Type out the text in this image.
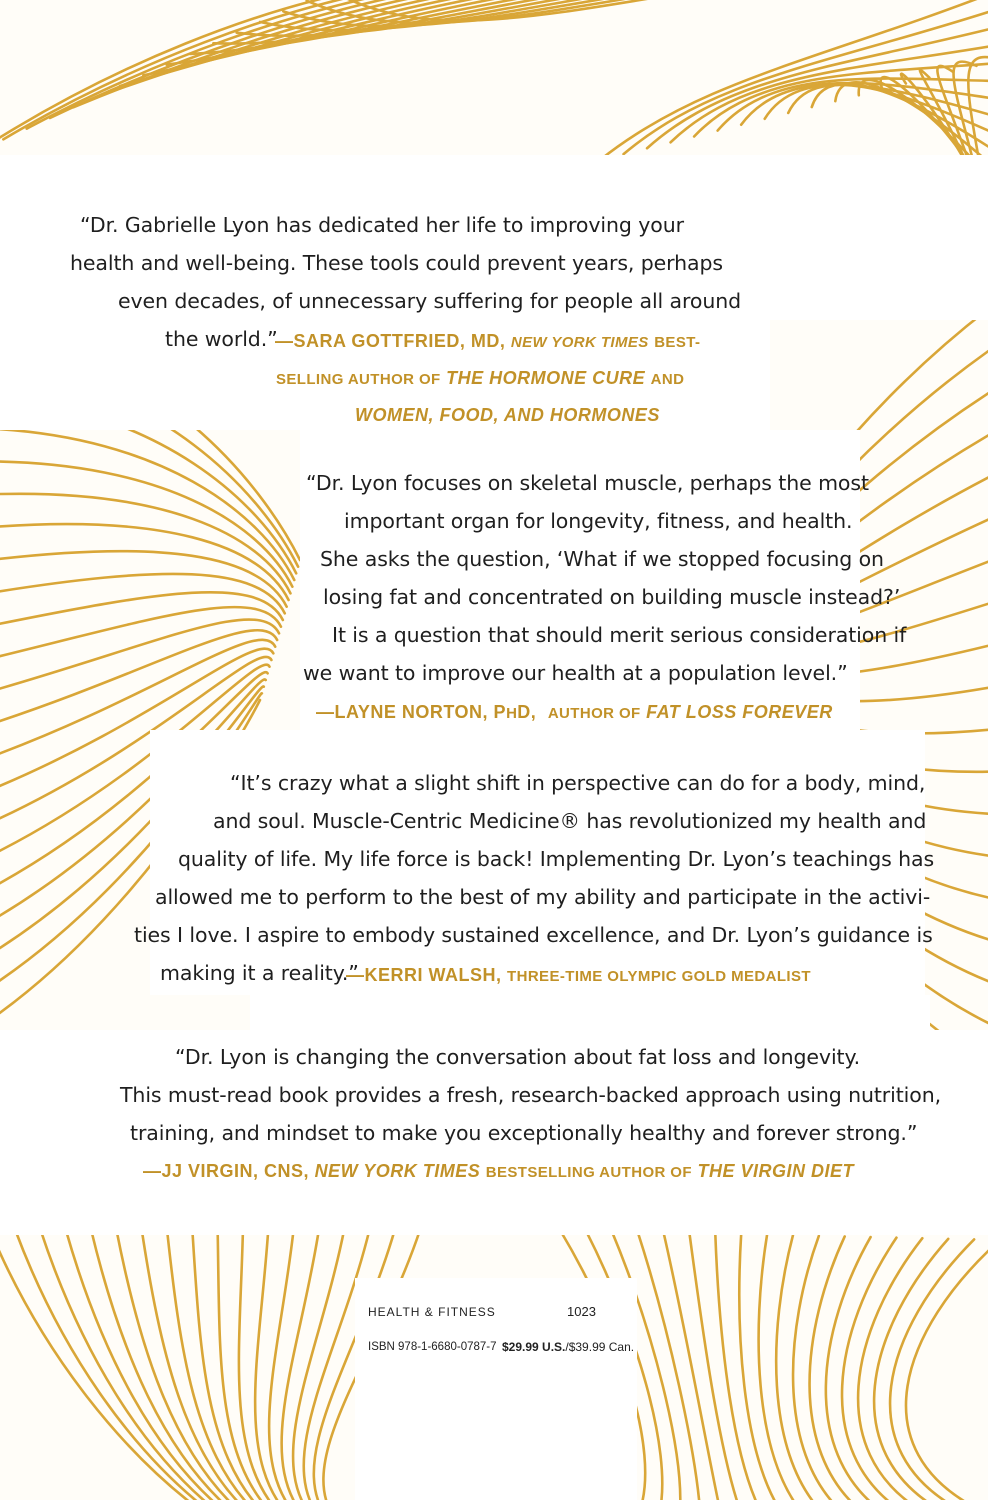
“Dr. Gabrielle Lyon has dedicated her life to improving your
health and well-being. These tools could prevent years, perhaps
even decades, of unnecessary suffering for people all around
the world.”
—SARA GOTTFRIED, MD, NEW YORK TIMES BEST-
SELLING AUTHOR OF THE HORMONE CURE AND
WOMEN, FOOD, AND HORMONES
“Dr. Lyon focuses on skeletal muscle, perhaps the most
important organ for longevity, fitness, and health.
She asks the question, ‘What if we stopped focusing on
losing fat and concentrated on building muscle instead?’
It is a question that should merit serious consideration if
we want to improve our health at a population level.”
—LAYNE NORTON, PHD, AUTHOR OF FAT LOSS FOREVER
“It’s crazy what a slight shift in perspective can do for a body, mind,
and soul. Muscle-Centric Medicine® has revolutionized my health and
quality of life. My life force is back! Implementing Dr. Lyon’s teachings has
allowed me to perform to the best of my ability and participate in the activi-
ties I love. I aspire to embody sustained excellence, and Dr. Lyon’s guidance is
making it a reality.”
—KERRI WALSH, THREE-TIME OLYMPIC GOLD MEDALIST
“Dr. Lyon is changing the conversation about fat loss and longevity.
This must-read book provides a fresh, research-backed approach using nutrition,
training, and mindset to make you exceptionally healthy and forever strong.”
—JJ VIRGIN, CNS, NEW YORK TIMES BESTSELLING AUTHOR OF THE VIRGIN DIET
HEALTH & FITNESS	1023
ISBN 978-1-6680-0787-7 $29.99 U.S./$39.99 Can.
